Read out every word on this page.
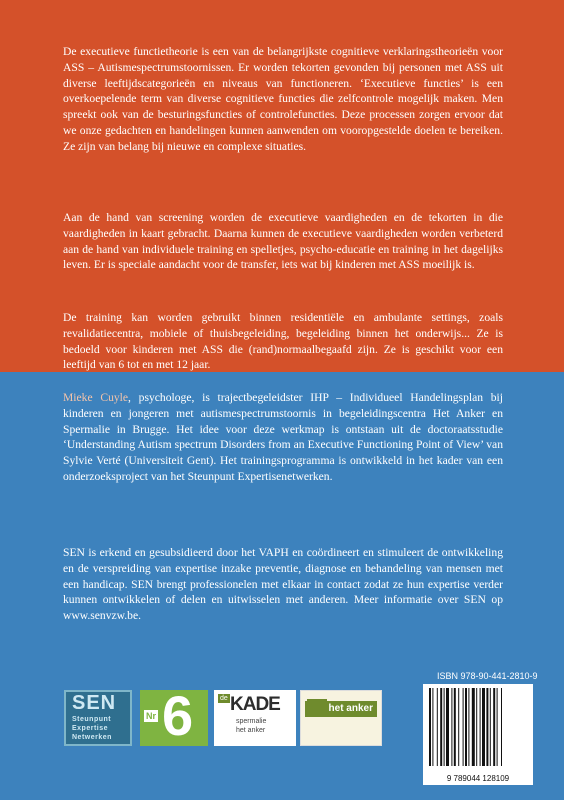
De executieve functietheorie is een van de belangrijkste cognitieve verklaringstheorieën voor ASS – Autismespectrumstoornissen. Er worden tekorten gevonden bij personen met ASS uit diverse leeftijdscategorieën en niveaus van functioneren. ‘Executieve functies’ is een overkoepelende term van diverse cognitieve functies die zelfcontrole mogelijk maken. Men spreekt ook van de besturingsfuncties of controlefuncties. Deze processen zorgen ervoor dat we onze gedachten en handelingen kunnen aanwenden om vooropgestelde doelen te bereiken. Ze zijn van belang bij nieuwe en complexe situaties.

Aan de hand van screening worden de executieve vaardigheden en de tekorten in die vaardigheden in kaart gebracht. Daarna kunnen de executieve vaardigheden worden verbeterd aan de hand van individuele training en spelletjes, psycho-educatie en training in het dagelijks leven. Er is speciale aandacht voor de transfer, iets wat bij kinderen met ASS moeilijk is.

De training kan worden gebruikt binnen residentiële en ambulante settings, zoals revalidatiecentra, mobiele of thuisbegeleiding, begeleiding binnen het onderwijs... Ze is bedoeld voor kinderen met ASS die (rand)normaalbegaafd zijn. Ze is geschikt voor een leeftijd van 6 tot en met 12 jaar.

Mieke Cuyle, psychologe, is trajectbegeleidster IHP – Individueel Handelingsplan bij kinderen en jongeren met autismespectrumstoornis in begeleidingscentra Het Anker en Spermalie in Brugge. Het idee voor deze werkmap is ontstaan uit de doctoraatsstudie ‘Understanding Autism spectrum Disorders from an Executive Functioning Point of View’ van Sylvie Verté (Universiteit Gent). Het trainingsprogramma is ontwikkeld in het kader van een onderzoeksproject van het Steunpunt Expertisenetwerken.

SEN is erkend en gesubsidieerd door het VAPH en coördineert en stimuleert de ontwikkeling en de verspreiding van expertise inzake preventie, diagnose en behandeling van mensen met een handicap. SEN brengt professionelen met elkaar in contact zodat ze hun expertise verder kunnen ontwikkelen of delen en uitwisselen met anderen. Meer informatie over SEN op www.senvzw.be.

ISBN 978-90-441-2810-9
SEN
Steunpunt
Expertise
Netwerken
Nr 6	de KADE
spermalie
het anker
het anker
9 789044 128109
